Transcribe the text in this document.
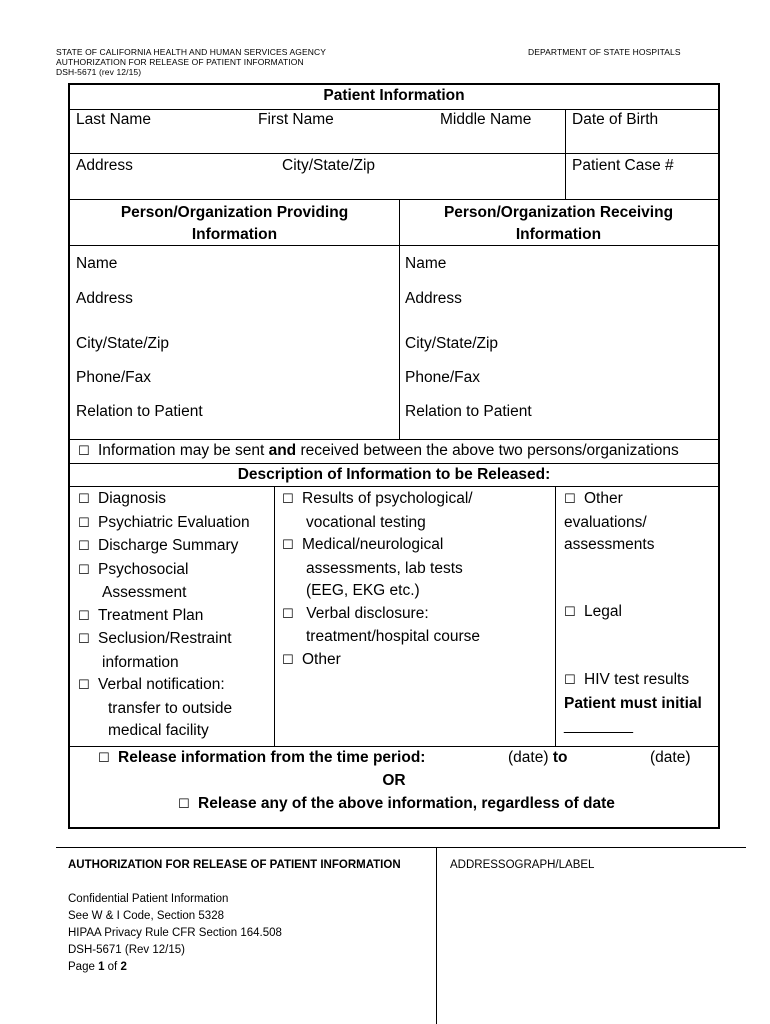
STATE OF CALIFORNIA HEALTH AND HUMAN SERVICES AGENCY
AUTHORIZATION FOR RELEASE OF PATIENT INFORMATION
DSH-5671 (rev 12/15)
DEPARTMENT OF STATE HOSPITALS
Patient Information
Last Name	First Name	Middle Name	Date of Birth
Address	City/State/Zip	Patient Case #
Person/Organization Providing
Information
Person/Organization Receiving
Information
Name
Address
City/State/Zip
Phone/Fax
Relation to Patient
Name
Address
City/State/Zip
Phone/Fax
Relation to Patient
☐ Information may be sent and received between the above two persons/organizations
Description of Information to be Released:
☐ Diagnosis
☐ Psychiatric Evaluation
☐ Discharge Summary
☐ Psychosocial
Assessment
☐ Treatment Plan
☐ Seclusion/Restraint
information
☐ Verbal notification:
transfer to outside
medical facility
☐ Results of psychological/
vocational testing
☐ Medical/neurological
assessments, lab tests
(EEG, EKG etc.)
☐ Verbal disclosure:
treatment/hospital course
☐ Other
☐ Other
evaluations/
assessments
☐ Legal
☐ HIV test results
Patient must initial
________
☐ Release information from the time period:	(date) to	(date)
OR
☐ Release any of the above information, regardless of date
AUTHORIZATION FOR RELEASE OF PATIENT INFORMATION	ADDRESSOGRAPH/LABEL
Confidential Patient Information
See W & I Code, Section 5328
HIPAA Privacy Rule CFR Section 164.508
DSH-5671 (Rev 12/15)
Page 1 of 2
